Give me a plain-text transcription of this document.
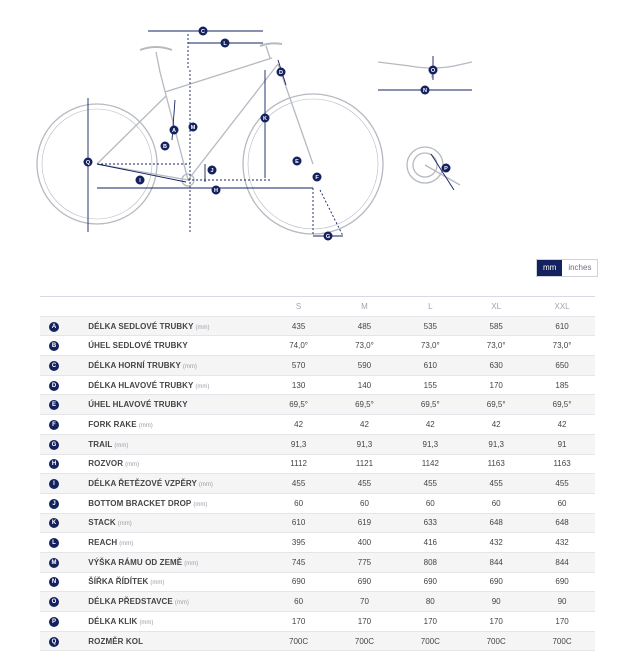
C
L
D
A
B
M
K
E
F
J
I
H
Q
G
N
O
P
mm	inches
		S	M	L	XL	XXL
A	DÉLKA SEDLOVÉ TRUBKY (mm)	435	485	535	585	610
B	ÚHEL SEDLOVÉ TRUBKY	74,0°	73,0°	73,0°	73,0°	73,0°
C	DÉLKA HORNÍ TRUBKY (mm)	570	590	610	630	650
D	DÉLKA HLAVOVÉ TRUBKY (mm)	130	140	155	170	185
E	ÚHEL HLAVOVÉ TRUBKY	69,5°	69,5°	69,5°	69,5°	69,5°
F	FORK RAKE (mm)	42	42	42	42	42
G	TRAIL (mm)	91,3	91,3	91,3	91,3	91
H	ROZVOR (mm)	1112	1121	1142	1163	1163
I	DÉLKA ŘETĚZOVÉ VZPĚRY (mm)	455	455	455	455	455
J	BOTTOM BRACKET DROP (mm)	60	60	60	60	60
K	STACK (mm)	610	619	633	648	648
L	REACH (mm)	395	400	416	432	432
M	VÝŠKA RÁMU OD ZEMĚ (mm)	745	775	808	844	844
N	ŠÍŘKA ŘÍDÍTEK (mm)	690	690	690	690	690
O	DÉLKA PŘEDSTAVCE (mm)	60	70	80	90	90
P	DÉLKA KLIK (mm)	170	170	170	170	170
Q	ROZMĚR KOL	700C	700C	700C	700C	700C
